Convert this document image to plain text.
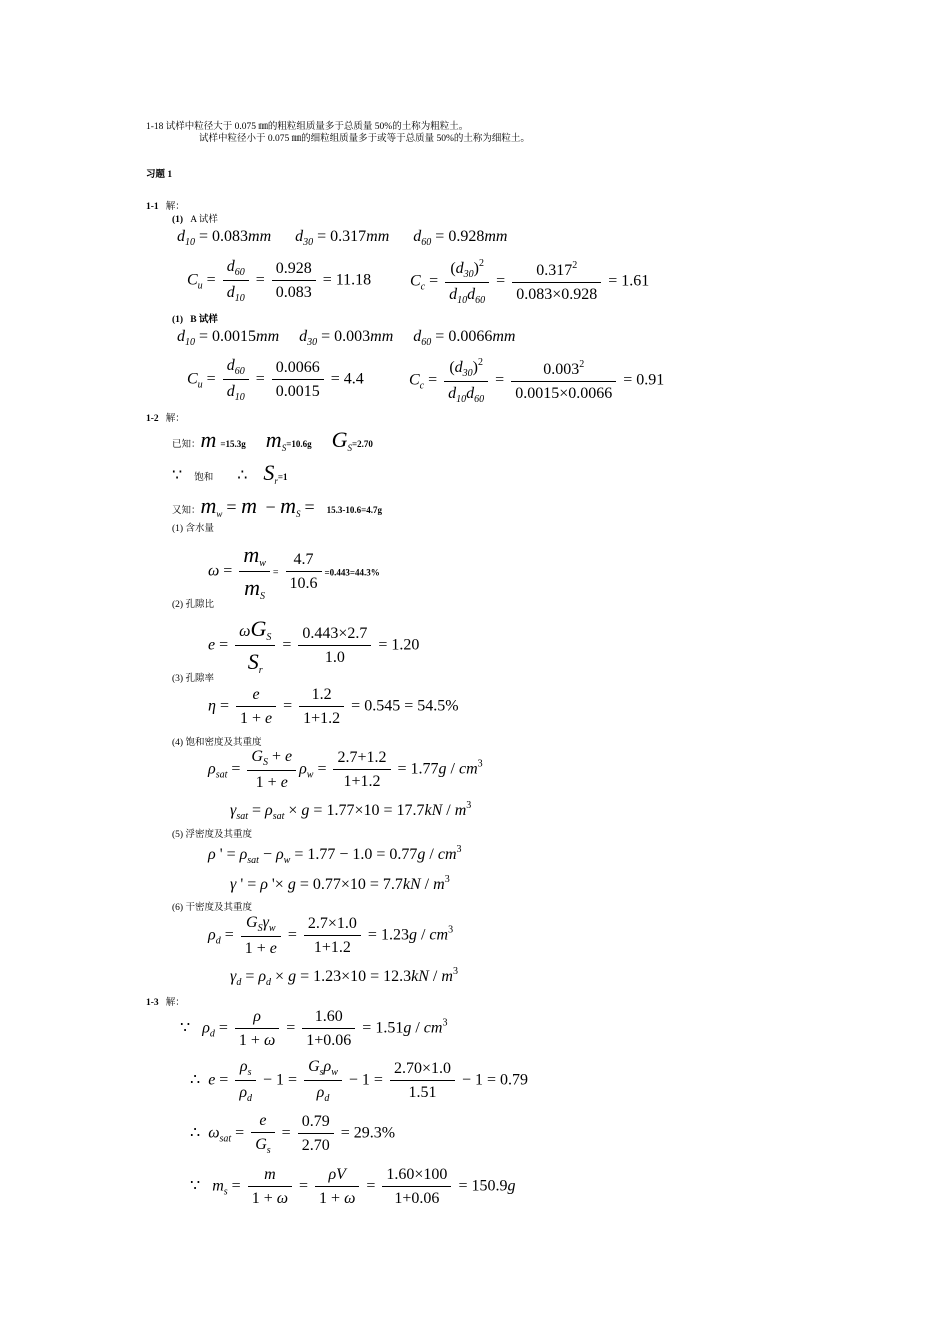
1-18 试样中粒径大于 0.075 ㎜的粗粒组质量多于总质量 50%的土称为粗粒土。
试样中粒径小于 0.075 ㎜的细粒组质量多于或等于总质量 50%的土称为细粒土。
习题 1
1-1 解：
(1) A 试样
$d_{10} = 0.083mm$ $d_{30} = 0.317mm$ $d_{60} = 0.928mm$
$C_u = \frac{d_{60}}{d_{10}} = \frac{0.928}{0.083} = 11.18$ $C_c = \frac{(d_{30})^2}{d_{10}d_{60}} = \frac{0.317^2}{0.083\times 0.928} = 1.61$
(1) B 试样
$d_{10} = 0.0015mm$ $d_{30} = 0.003mm$ $d_{60} = 0.0066mm$
$C_u = \frac{d_{60}}{d_{10}} = \frac{0.0066}{0.0015} = 4.4$	$C_c = \frac{(d_{30})^2}{d_{10}d_{60}} = \frac{0.003^2}{0.0015\times 0.0066} = 0.91$
1-2 解：
已知：m =15.3g $m_S=10.6g$ $G_S=2.70$
∵ 饱和 ∴ $S_r=1$
又知：$m_w = m - m_S = 15.3-10.6=4.7g$
(1) 含水量
$\omega = \frac{m_w}{m_S} = \frac{4.7}{10.6} =0.443=44.3\%$
(2) 孔隙比
$e = \frac{\omega G_S}{S_r} = \frac{0.443\times 2.7}{1.0} = 1.20$
(3) 孔隙率
$\eta = \frac{e}{1 + e} = \frac{1.2}{1+1.2} = 0.545 = 54.5\%$
(4) 饱和密度及其重度
$\rho_{sat} = \frac{G_S + e}{1 + e} \rho_w = \frac{2.7+1.2}{1+1.2} = 1.77g / cm^3$
$\gamma_{sat} = \rho_{sat} \times g = 1.77\times 10 = 17.7kN / m^3$
(5) 浮密度及其重度
ρ ' = $\rho_{sat} - \rho_w = 1.77 - 1.0 = 0.77g / cm^3$
γ ' = ρ '× $g = 0.77\times 10 = 7.7kN / m^3$
(6) 干密度及其重度
$\rho_d = \frac{G_S\gamma_w}{1 + e} = \frac{2.7\times 1.0}{1+1.2} = 1.23g / cm^3$
$\gamma_d = \rho_d \times g = 1.23\times 10 = 12.3kN / m^3$
1-3 解：
∵   $\rho_d = \frac{\rho}{1 + \omega} = \frac{1.60}{1+0.06} = 1.51g / cm^3$
∴  $e = \frac{\rho_s}{\rho_d} - 1 = \frac{G_s\rho_w}{\rho_d} - 1 = \frac{2.70\times 1.0}{1.51} - 1 = 0.79$
∴  $\omega_{sat} = \frac{e}{G_s} = \frac{0.79}{2.70} = 29.3\%$
∵   $m_s = \frac{m}{1 + \omega} = \frac{\rho V}{1 + \omega} = \frac{1.60\times 100}{1+0.06} = 150.9g$
